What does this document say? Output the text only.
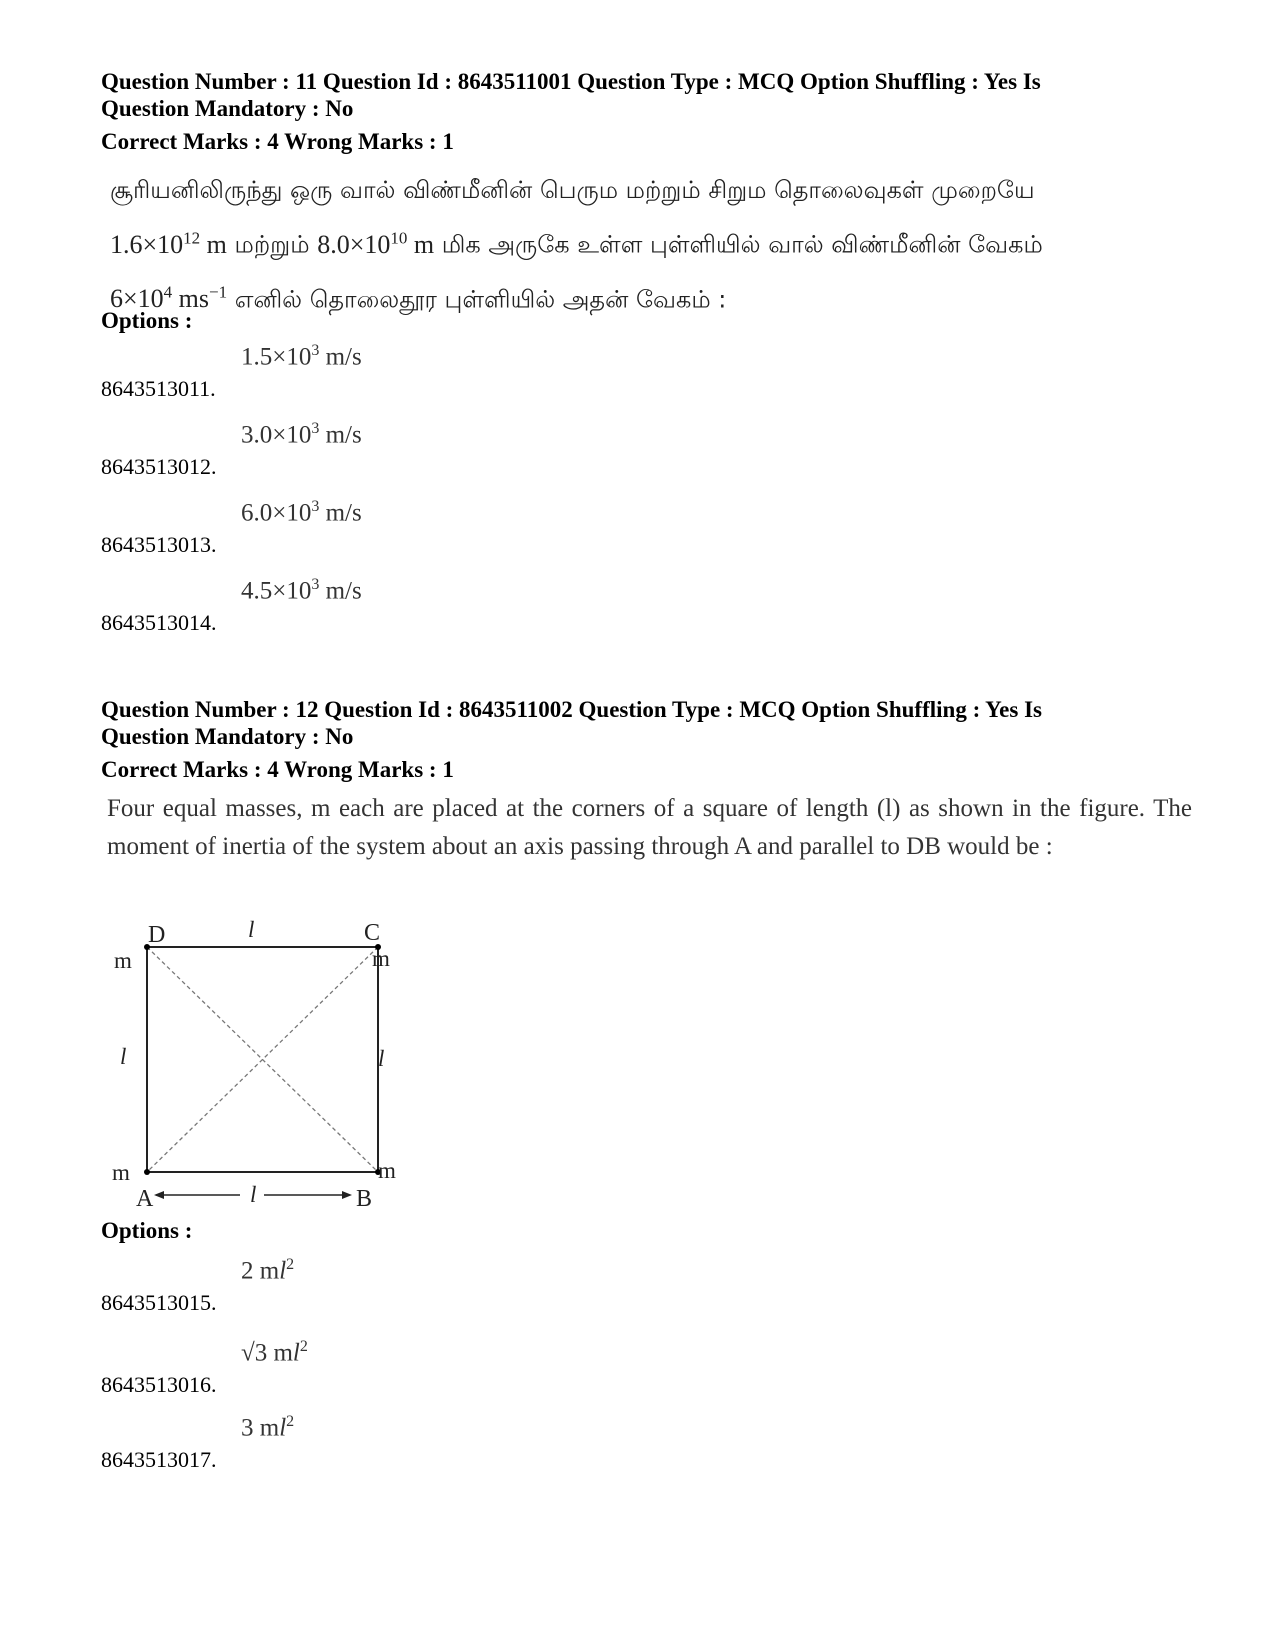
Question Number : 11 Question Id : 8643511001 Question Type : MCQ Option Shuffling : Yes Is
Question Mandatory : No
Correct Marks : 4 Wrong Marks : 1
சூரியனிலிருந்து ஒரு வால் விண்மீனின் பெரும மற்றும் சிறும தொலைவுகள் முறையே
$1.6\times 10^{12}$ m மற்றும் $8.0\times 10^{10}$ m மிக அருகே உள்ள புள்ளியில் வால் விண்மீனின் வேகம்
$6\times 10^4$ $ms^{-1}$ எனில் தொலைதூர புள்ளியில் அதன் வேகம் :
Options :
8643513011.
$1.5\times 10^3$ m/s
8643513012.
$3.0\times 10^3$ m/s
8643513013.
$6.0\times 10^3$ m/s
8643513014.
$4.5\times 10^3$ m/s
Question Number : 12 Question Id : 8643511002 Question Type : MCQ Option Shuffling : Yes Is
Question Mandatory : No
Correct Marks : 4 Wrong Marks : 1
Four equal masses, m each are placed at the corners of a square of length (l) as shown in the figure. The moment of inertia of the system about an axis passing through A and parallel to DB would be :
D	C
A	B
m	m
m	m
l
l	l
l
Options :
8643513015.
2 $ml^2$
8643513016.
√3 $ml^2$
8643513017.
3 $ml^2$
